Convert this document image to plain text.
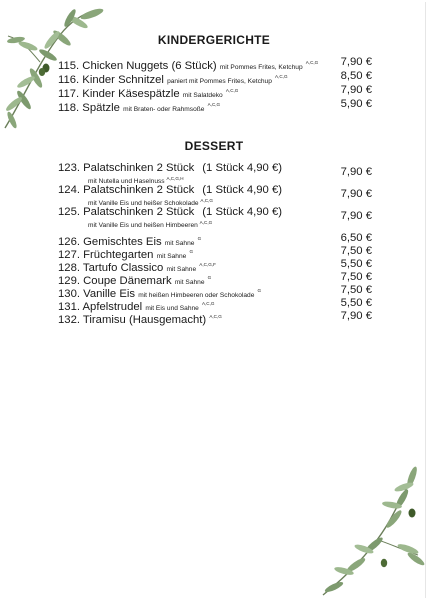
KINDERGERICHTE
115. Chicken Nuggets (6 Stück) mit Pommes Frites, Ketchup $^{A,C,G}$ 7,90 €
116. Kinder Schnitzel paniert mit Pommes Frites, Ketchup $^{A,C,G}$	8,50 €
117. Kinder Käsespätzle mit Salatdeko $^{A,C,G}$	7,90 €
118. Spätzle mit Braten- oder Rahmsoße $^{A,C,G}$	5,90 €
DESSERT
123. Palatschinken 2 Stück (1 Stück 4,90 €)	7,90 €
mit Nutella und Haselnuss $^{A,C,G,H}$
124. Palatschinken 2 Stück (1 Stück 4,90 €)	7,90 €
mit Vanille Eis und heißer Schokolade $^{A,C,G}$
125. Palatschinken 2 Stück (1 Stück 4,90 €)	7,90 €
mit Vanille Eis und heißen Himbeeren $^{A,C,G}$
126. Gemischtes Eis mit Sahne $^G$	6,50 €
127. Früchtegarten mit Sahne $^G$	7,50 €
128. Tartufo Classico mit Sahne $^{A,C,G,F}$	5,50 €
129. Coupe Dänemark mit Sahne $^G$	7,50 €
130. Vanille Eis mit heißen Himbeeren oder Schokolade $^G$	7,50 €
131. Apfelstrudel mit Eis und Sahne $^{A,C,G}$	5,50 €
132. Tiramisu (Hausgemacht) $^{A,C,G}$	7,90 €
